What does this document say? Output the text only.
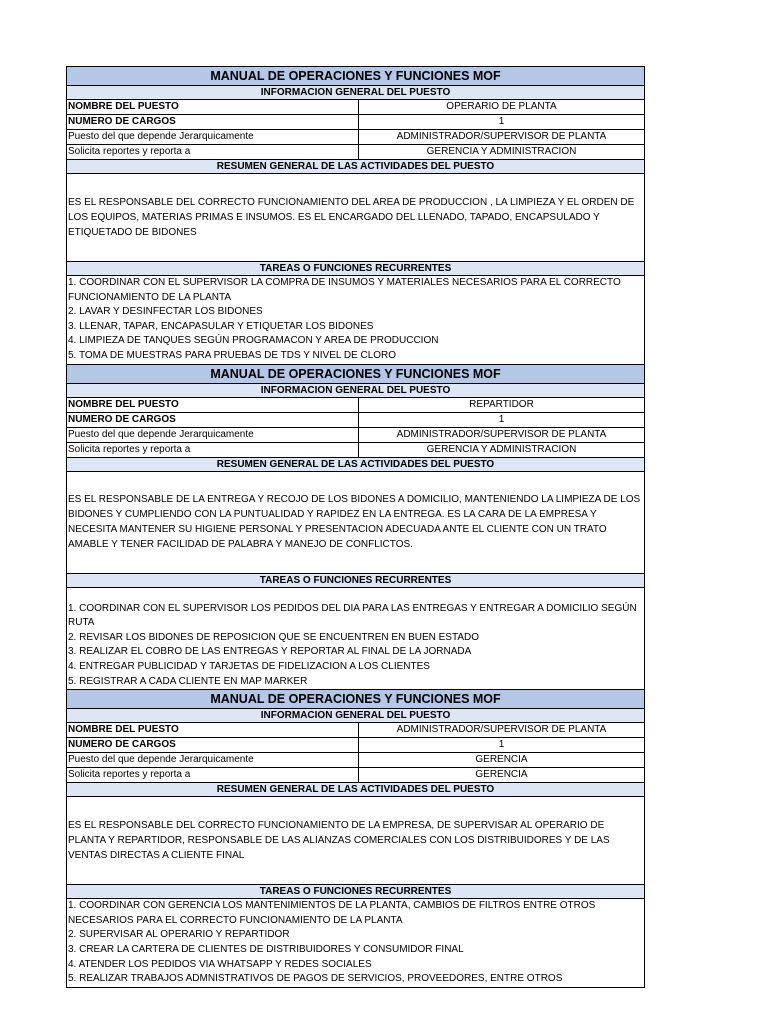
MANUAL DE OPERACIONES Y FUNCIONES MOF
INFORMACION GENERAL DEL PUESTO
NOMBRE DEL PUESTO	OPERARIO DE PLANTA
NUMERO DE CARGOS	1
Puesto del que depende Jerarquicamente	ADMINISTRADOR/SUPERVISOR DE PLANTA
Solicita reportes y reporta a	GERENCIA Y ADMINISTRACION
RESUMEN GENERAL DE LAS ACTIVIDADES DEL PUESTO
ES EL RESPONSABLE DEL CORRECTO FUNCIONAMIENTO DEL AREA DE PRODUCCION , LA LIMPIEZA Y EL ORDEN DE LOS EQUIPOS, MATERIAS PRIMAS E INSUMOS. ES EL ENCARGADO DEL LLENADO, TAPADO, ENCAPSULADO Y ETIQUETADO DE BIDONES
TAREAS O FUNCIONES RECURRENTES
1. COORDINAR CON EL SUPERVISOR LA COMPRA DE INSUMOS Y MATERIALES NECESARIOS PARA EL CORRECTO FUNCIONAMIENTO DE LA PLANTA
2. LAVAR Y DESINFECTAR LOS BIDONES
3. LLENAR, TAPAR, ENCAPASULAR Y ETIQUETAR LOS BIDONES
4. LIMPIEZA DE TANQUES SEGÚN PROGRAMACON Y AREA DE PRODUCCION
5. TOMA DE MUESTRAS PARA PRUEBAS DE TDS Y NIVEL DE CLORO
MANUAL DE OPERACIONES Y FUNCIONES MOF
INFORMACION GENERAL DEL PUESTO
NOMBRE DEL PUESTO	REPARTIDOR
NUMERO DE CARGOS	1
Puesto del que depende Jerarquicamente	ADMINISTRADOR/SUPERVISOR DE PLANTA
Solicita reportes y reporta a	GERENCIA Y ADMINISTRACION
RESUMEN GENERAL DE LAS ACTIVIDADES DEL PUESTO
ES EL RESPONSABLE DE LA ENTREGA Y RECOJO DE LOS BIDONES A DOMICILIO, MANTENIENDO LA LIMPIEZA DE LOS BIDONES Y CUMPLIENDO CON LA PUNTUALIDAD Y RAPIDEZ EN LA ENTREGA. ES LA CARA DE LA EMPRESA Y NECESITA MANTENER SU HIGIENE PERSONAL Y PRESENTACION ADECUADA ANTE EL CLIENTE CON UN TRATO AMABLE Y TENER FACILIDAD DE PALABRA Y MANEJO DE CONFLICTOS.
TAREAS O FUNCIONES RECURRENTES
1. COORDINAR CON EL SUPERVISOR LOS PEDIDOS DEL DIA PARA LAS ENTREGAS Y ENTREGAR A DOMICILIO SEGÚN RUTA
2. REVISAR LOS BIDONES DE REPOSICION QUE SE ENCUENTREN EN BUEN ESTADO
3. REALIZAR EL COBRO DE LAS ENTREGAS Y REPORTAR AL FINAL DE LA JORNADA
4. ENTREGAR PUBLICIDAD Y TARJETAS DE FIDELIZACION A LOS CLIENTES
5. REGISTRAR A CADA CLIENTE EN MAP MARKER
MANUAL DE OPERACIONES Y FUNCIONES MOF
INFORMACION GENERAL DEL PUESTO
NOMBRE DEL PUESTO	ADMINISTRADOR/SUPERVISOR DE PLANTA
NUMERO DE CARGOS	1
Puesto del que depende Jerarquicamente	GERENCIA
Solicita reportes y reporta a	GERENCIA
RESUMEN GENERAL DE LAS ACTIVIDADES DEL PUESTO
ES EL RESPONSABLE DEL CORRECTO FUNCIONAMIENTO DE LA EMPRESA, DE SUPERVISAR AL OPERARIO DE PLANTA Y REPARTIDOR, RESPONSABLE DE LAS ALIANZAS COMERCIALES CON LOS DISTRIBUIDORES Y DE LAS VENTAS DIRECTAS A CLIENTE FINAL
TAREAS O FUNCIONES RECURRENTES
1. COORDINAR CON GERENCIA LOS MANTENIMIENTOS DE LA PLANTA, CAMBIOS DE FILTROS ENTRE OTROS NECESARIOS PARA EL CORRECTO FUNCIONAMIENTO DE LA PLANTA
2. SUPERVISAR AL OPERARIO Y REPARTIDOR
3. CREAR LA CARTERA DE CLIENTES DE DISTRIBUIDORES Y CONSUMIDOR FINAL
4. ATENDER LOS PEDIDOS VIA WHATSAPP Y REDES SOCIALES
5. REALIZAR TRABAJOS ADMNISTRATIVOS DE PAGOS DE SERVICIOS, PROVEEDORES, ENTRE OTROS
